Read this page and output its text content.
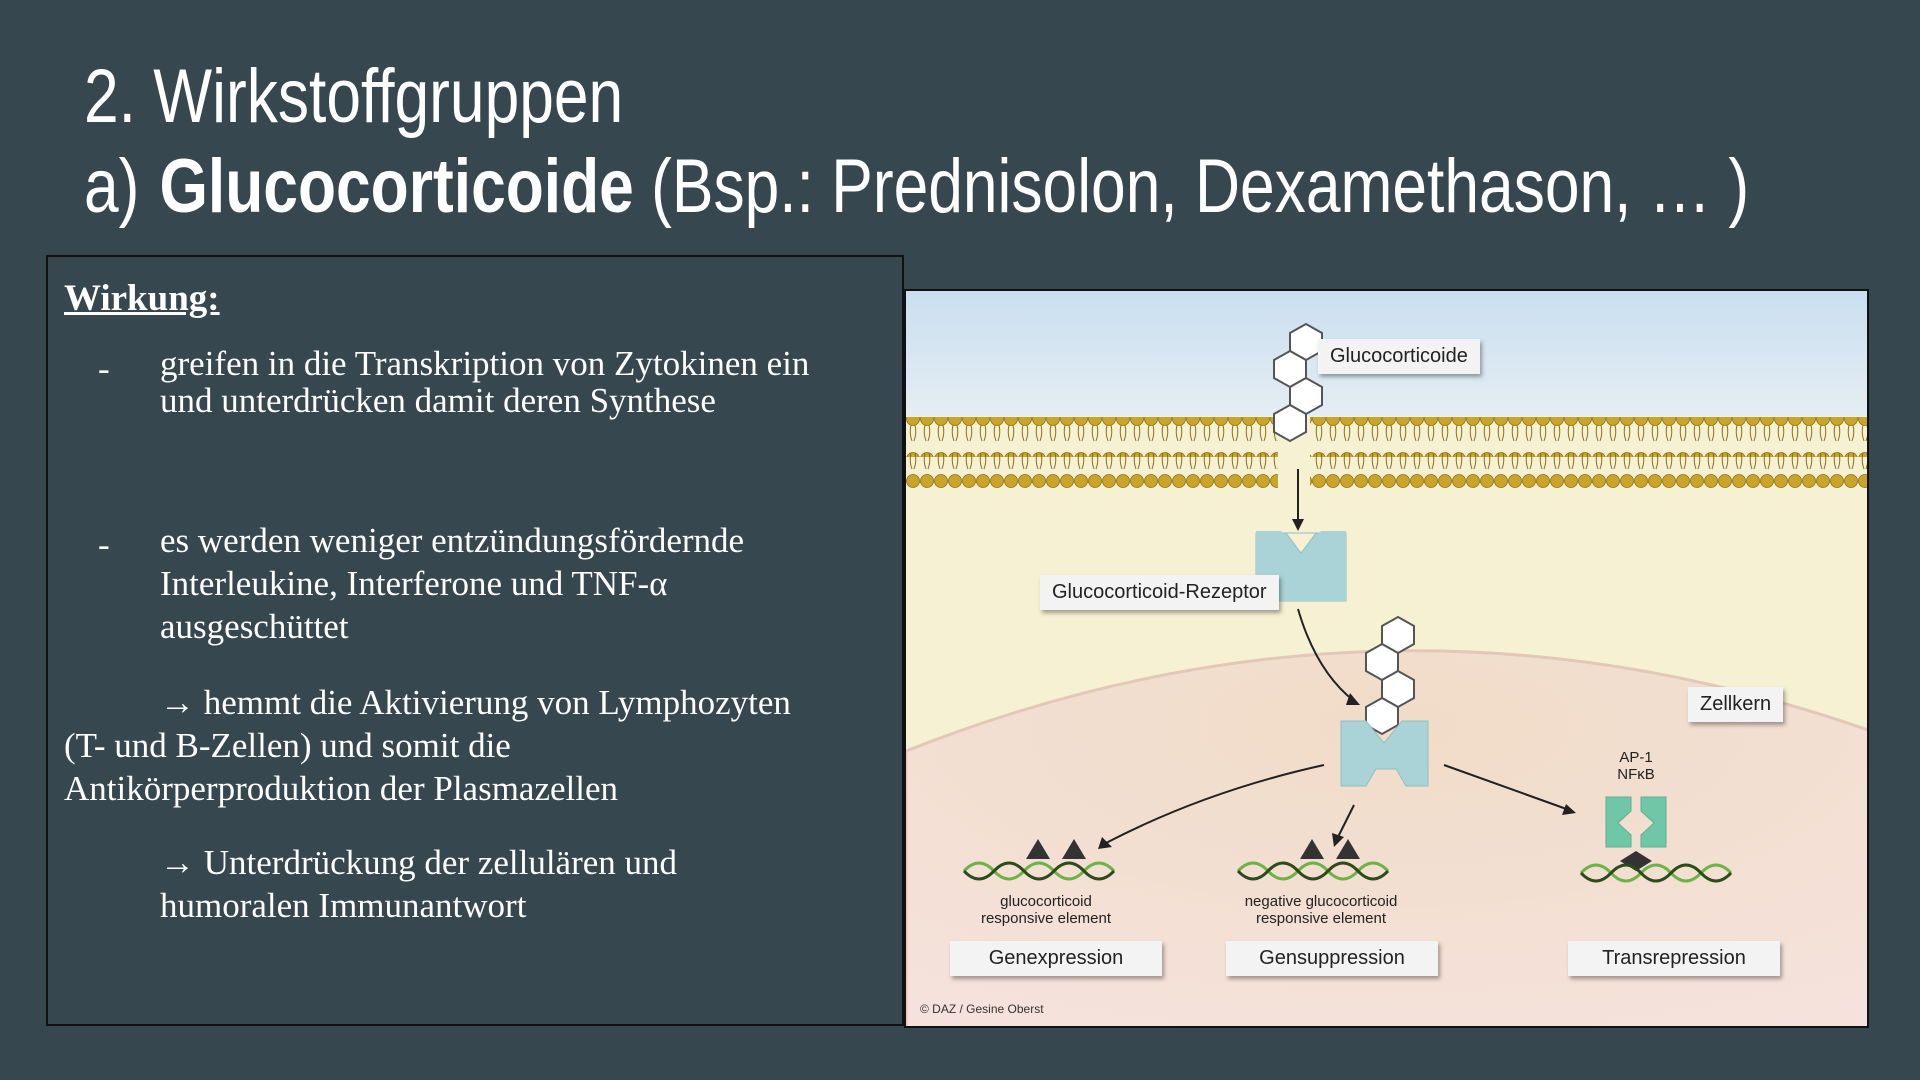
2. Wirkstoffgruppen
a) Glucocorticoide (Bsp.: Prednisolon, Dexamethason, … )
Wirkung:
- greifen in die Transkription von Zytokinen ein
und unterdrücken damit deren Synthese
- es werden weniger entzündungsfördernde
Interleukine, Interferone und TNF-α
ausgeschüttet
→ hemmt die Aktivierung von Lymphozyten
(T- und B-Zellen) und somit die
Antikörperproduktion der Plasmazellen
→ Unterdrückung der zellulären und
humoralen Immunantwort
Glucocorticoide
Glucocorticoid-Rezeptor
Zellkern
AP-1
NFκB
glucocorticoid
responsive element
negative glucocorticoid
responsive element
Genexpression	Gensuppression	Transrepression
© DAZ / Gesine Oberst
